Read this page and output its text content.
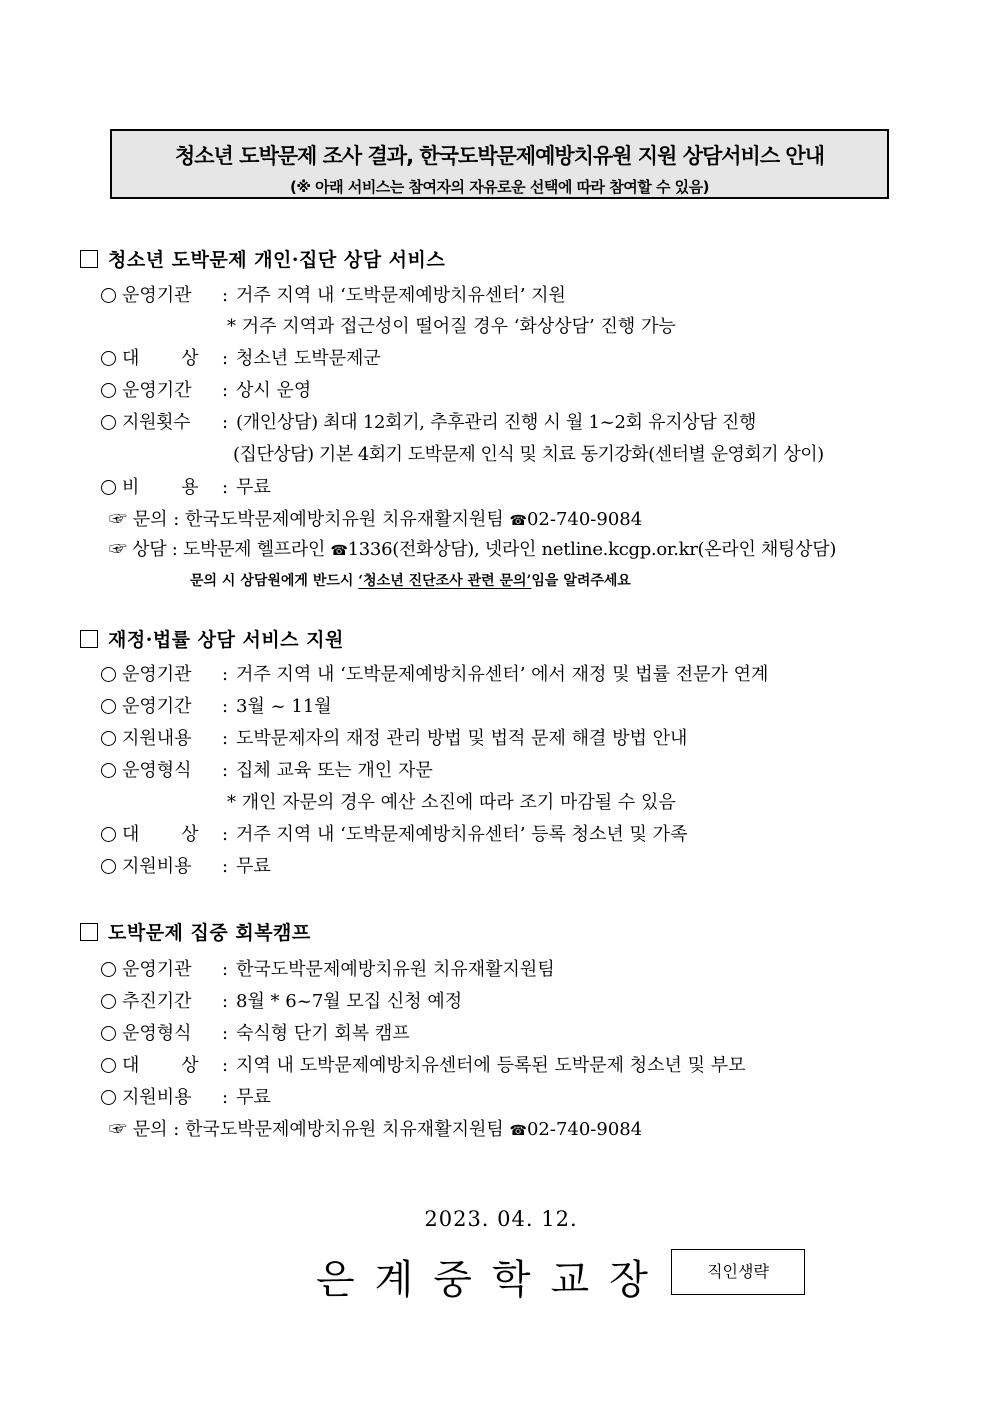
청소년 도박문제 조사 결과, 한국도박문제예방치유원 지원 상담서비스 안내
(※ 아래 서비스는 참여자의 자유로운 선택에 따라 참여할 수 있음)
청소년 도박문제 개인·집단 상담 서비스
운영기관 : 거주 지역 내 ‘도박문제예방치유센터’ 지원
* 거주 지역과 접근성이 떨어질 경우 ‘화상상담’ 진행 가능
대 상 : 청소년 도박문제군
운영기간 : 상시 운영
지원횟수 : (개인상담) 최대 12회기, 추후관리 진행 시 월 1~2회 유지상담 진행
(집단상담) 기본 4회기 도박문제 인식 및 치료 동기강화(센터별 운영회기 상이)
비 용 : 무료
☞ 문의 : 한국도박문제예방치유원 치유재활지원팀 ☎02-740-9084
☞ 상담 : 도박문제 헬프라인 ☎1336(전화상담), 넷라인 netline.kcgp.or.kr(온라인 채팅상담)
문의 시 상담원에게 반드시 ‘청소년 진단조사 관련 문의’임을 알려주세요
재정·법률 상담 서비스 지원
운영기관 : 거주 지역 내 ‘도박문제예방치유센터’ 에서 재정 및 법률 전문가 연계
운영기간 : 3월 ~ 11월
지원내용 : 도박문제자의 재정 관리 방법 및 법적 문제 해결 방법 안내
운영형식 : 집체 교육 또는 개인 자문
* 개인 자문의 경우 예산 소진에 따라 조기 마감될 수 있음
대 상 : 거주 지역 내 ‘도박문제예방치유센터’ 등록 청소년 및 가족
지원비용 : 무료
도박문제 집중 회복캠프
운영기관 : 한국도박문제예방치유원 치유재활지원팀
추진기간 : 8월 * 6~7월 모집 신청 예정
운영형식 : 숙식형 단기 회복 캠프
대 상 : 지역 내 도박문제예방치유센터에 등록된 도박문제 청소년 및 부모
지원비용 : 무료
☞ 문의 : 한국도박문제예방치유원 치유재활지원팀 ☎02-740-9084
2023. 04. 12.
은계중학교장	직인생략
